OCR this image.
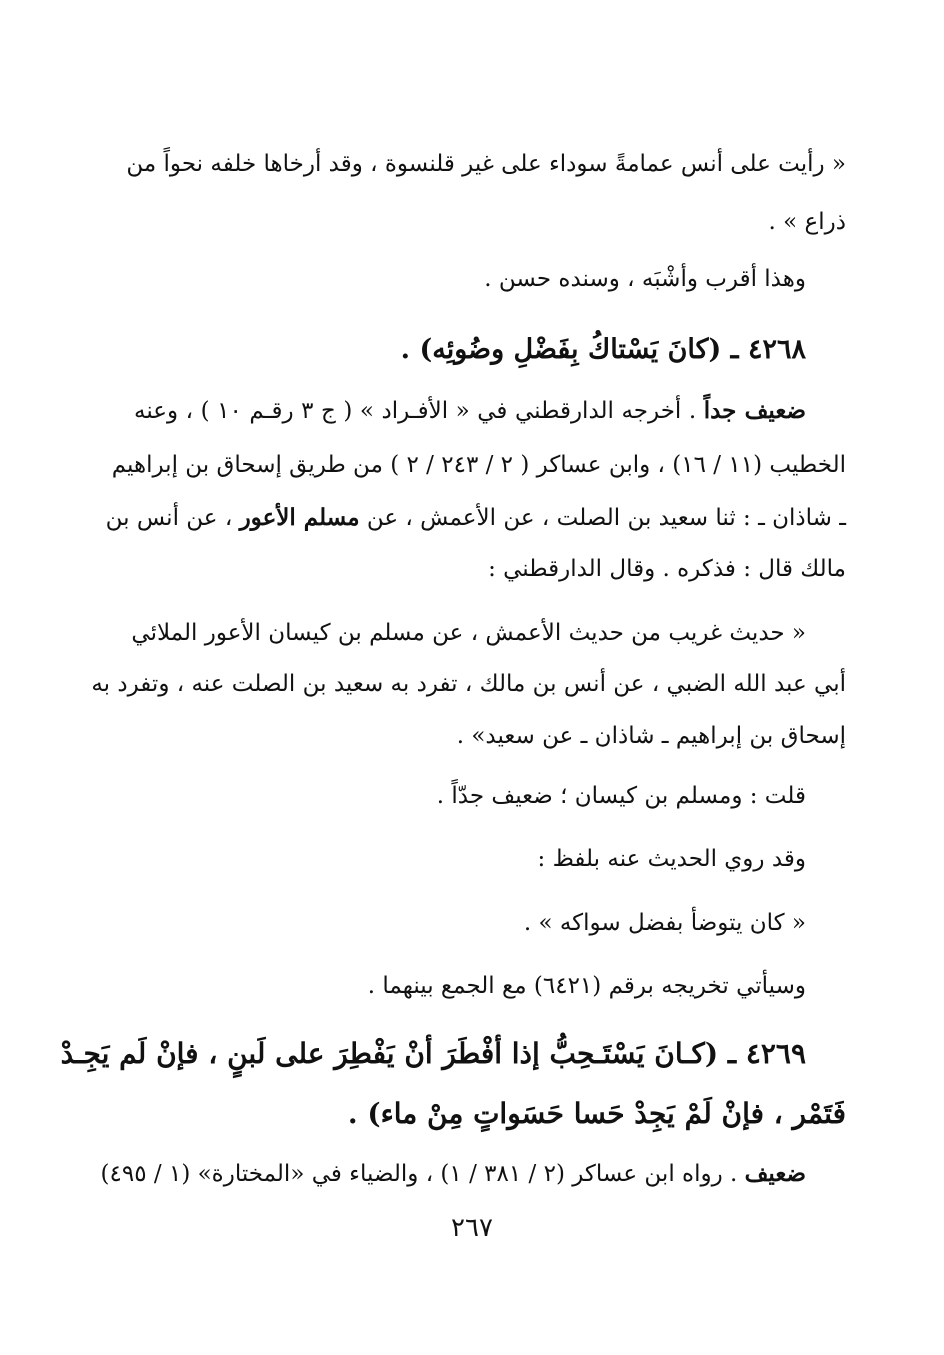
« رأيت على أنس عمامةً سوداء على غير قلنسوة ، وقد أرخاها خلفه نحواً من
ذراع » .
وهذا أقرب وأشْبَه ، وسنده حسن .
٤٢٦٨ ـ (كانَ يَسْتاكُ بِفَضْلِ وضُوئِه) .
ضعيف جداً . أخرجه الدارقطني في « الأفـراد » ( ج ٣ رقـم ١٠ ) ، وعنه
الخطيب (١١ / ١٦) ، وابن عساكر ( ٢ / ٢٤٣ / ٢ ) من طريق إسحاق بن إبراهيم
ـ شاذان ـ : ثنا سعيد بن الصلت ، عن الأعمش ، عن مسلم الأعور ، عن أنس بن
مالك قال : فذكره . وقال الدارقطني :
« حديث غريب من حديث الأعمش ، عن مسلم بن كيسان الأعور الملائي
أبي عبد الله الضبي ، عن أنس بن مالك ، تفرد به سعيد بن الصلت عنه ، وتفرد به
إسحاق بن إبراهيم ـ شاذان ـ عن سعيد» .
قلت : ومسلم بن كيسان ؛ ضعيف جدّاً .
وقد روي الحديث عنه بلفظ :
« كان يتوضأ بفضل سواكه » .
وسيأتي تخريجه برقم (٦٤٢١) مع الجمع بينهما .
٤٢٦٩ ـ (كـانَ يَسْتَـحِبُّ إذا أفْطَرَ أنْ يَفْطِرَ على لَبنٍ ، فإنْ لَم يَجِـدْ
فَتَمْر ، فإنْ لَمْ يَجِدْ حَسا حَسَواتٍ مِنْ ماء) .
ضعيف . رواه ابن عساكر (٢ / ٣٨١ / ١) ، والضياء في «المختارة» (١ / ٤٩٥)
٢٦٧
